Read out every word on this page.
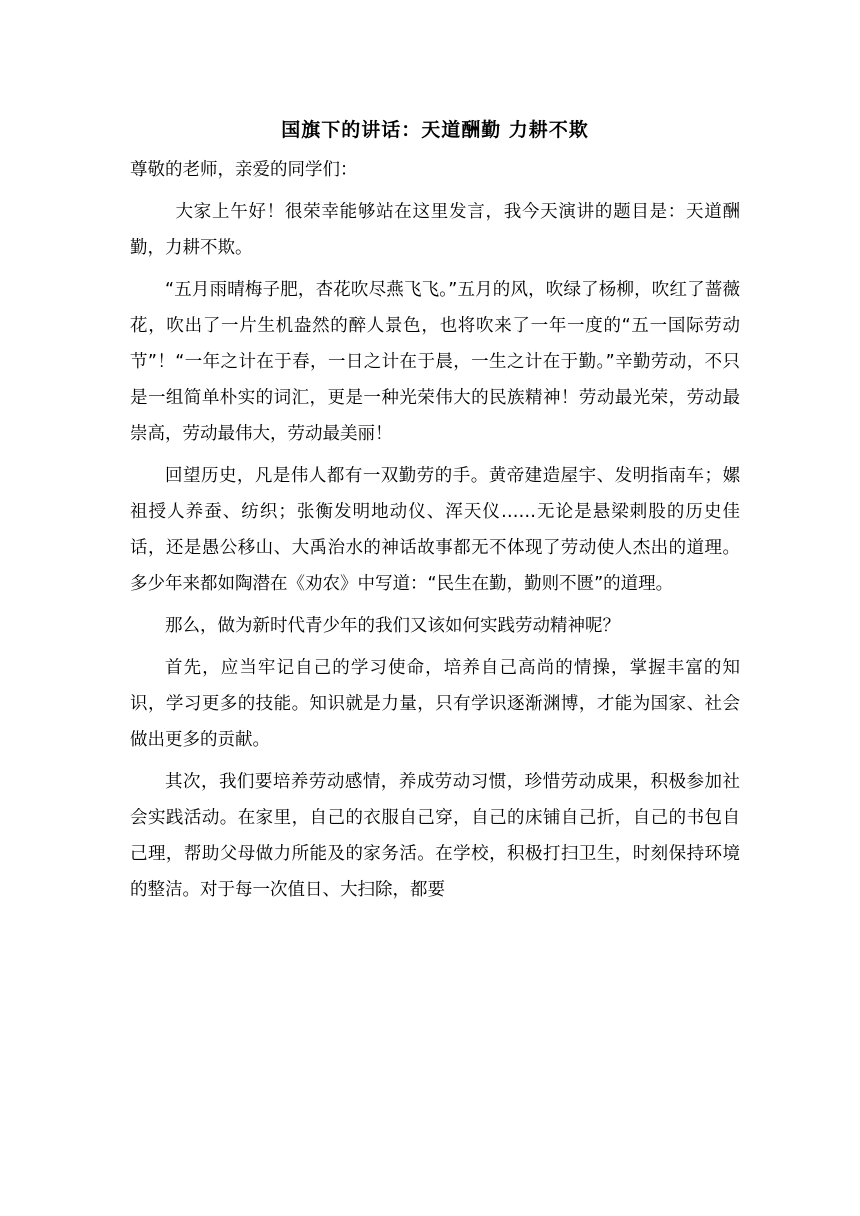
国旗下的讲话：天道酬勤 力耕不欺

尊敬的老师，亲爱的同学们：

大家上午好！很荣幸能够站在这里发言，我今天演讲的题目是：天道酬勤，力耕不欺。

“五月雨晴梅子肥，杏花吹尽燕飞飞。”五月的风，吹绿了杨柳，吹红了蔷薇花，吹出了一片生机盎然的醉人景色，也将吹来了一年一度的“五一国际劳动节”！“一年之计在于春，一日之计在于晨，一生之计在于勤。”辛勤劳动，不只是一组简单朴实的词汇，更是一种光荣伟大的民族精神！劳动最光荣，劳动最崇高，劳动最伟大，劳动最美丽！

回望历史，凡是伟人都有一双勤劳的手。黄帝建造屋宇、发明指南车；嫘祖授人养蚕、纺织；张衡发明地动仪、浑天仪……无论是悬梁刺股的历史佳话，还是愚公移山、大禹治水的神话故事都无不体现了劳动使人杰出的道理。多少年来都如陶潜在《劝农》中写道：“民生在勤，勤则不匮”的道理。

那么，做为新时代青少年的我们又该如何实践劳动精神呢？

首先，应当牢记自己的学习使命，培养自己高尚的情操，掌握丰富的知识，学习更多的技能。知识就是力量，只有学识逐渐渊博，才能为国家、社会做出更多的贡献。

其次，我们要培养劳动感情，养成劳动习惯，珍惜劳动成果，积极参加社会实践活动。在家里，自己的衣服自己穿，自己的床铺自己折，自己的书包自己理，帮助父母做力所能及的家务活。在学校，积极打扫卫生，时刻保持环境的整洁。对于每一次值日、大扫除，都要
